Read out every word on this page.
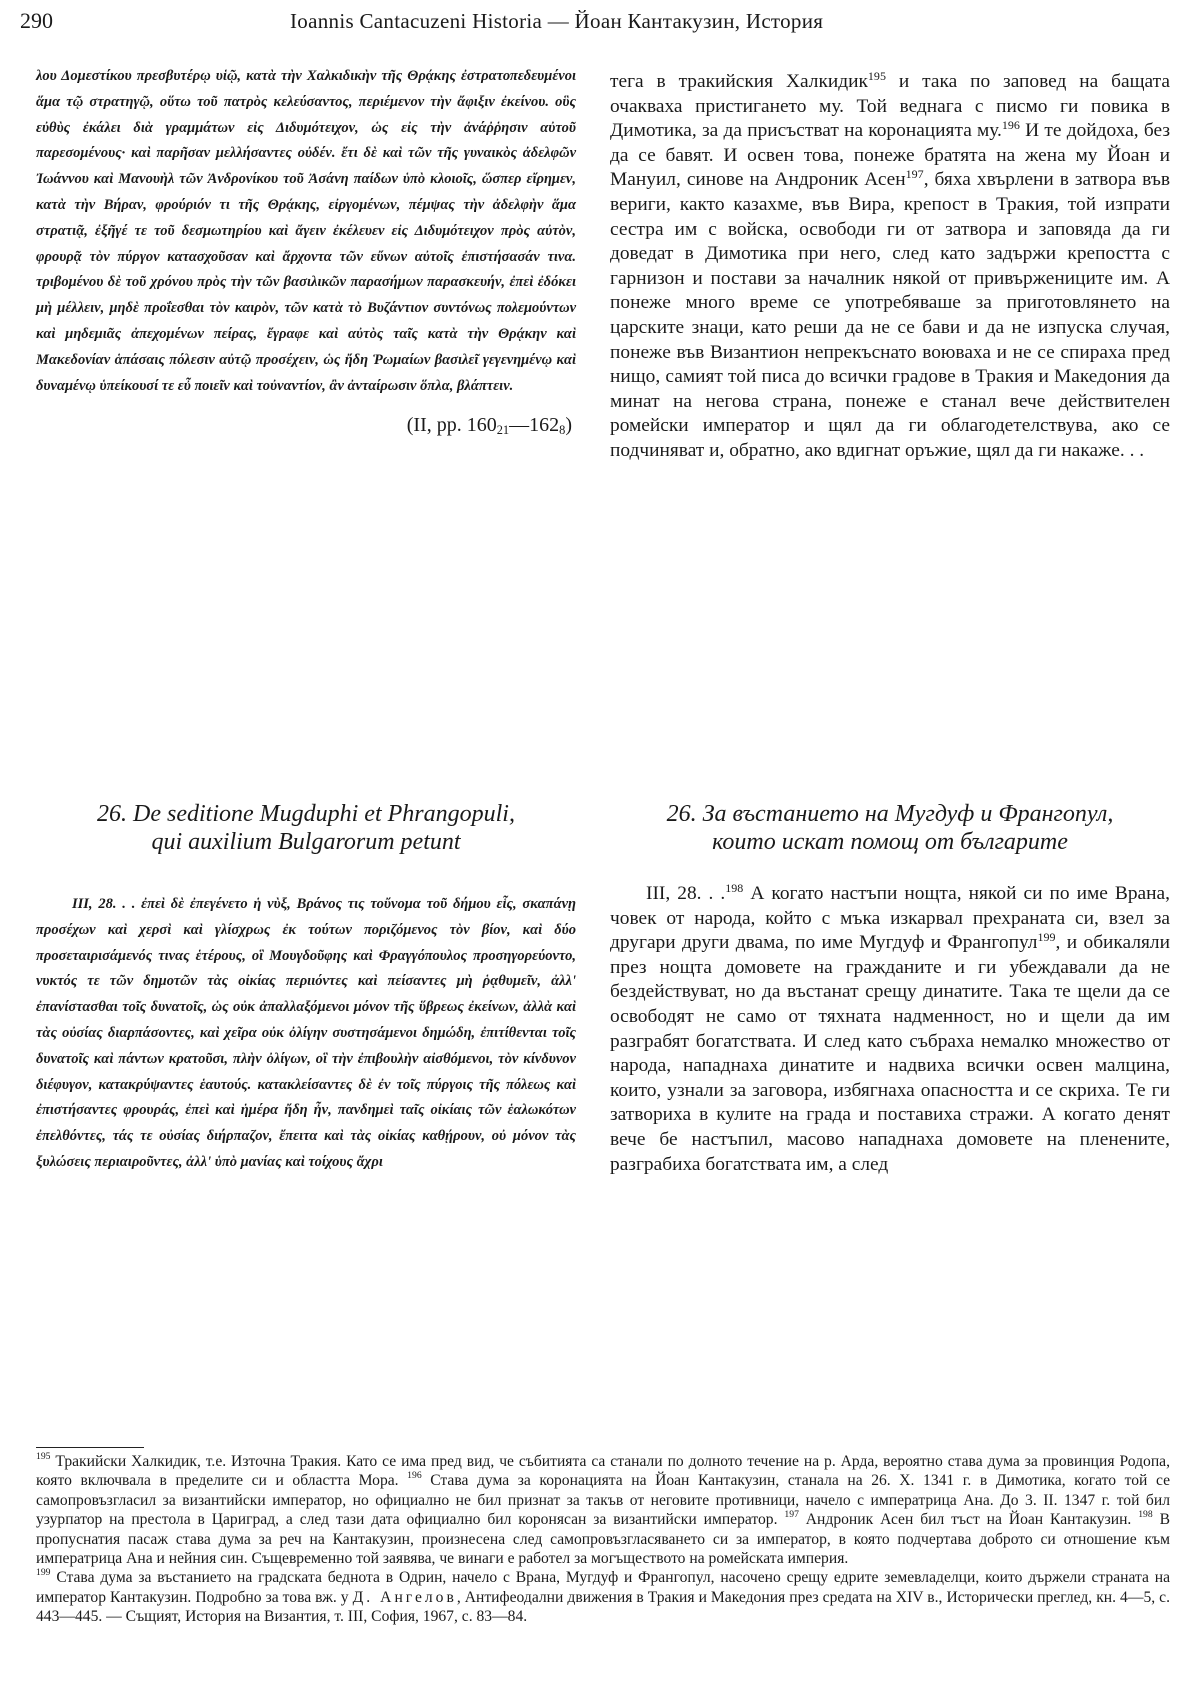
290	Ioannis Cantacuzeni Historia — Йоан Кантакузин, История

λου Δομεστίκου πρεσβυτέρῳ υἱῷ, κατὰ τὴν Χαλκιδικὴν τῆς Θρᾴκης ἐστρατοπεδευμένοι ἅμα τῷ στρατηγῷ, οὕτω τοῦ πατρὸς κελεύσαντος, περιέμενον τὴν ἄφιξιν ἐκείνου. οὓς εὐθὺς ἐκάλει διὰ γραμμάτων εἰς Διδυμότειχον, ὡς εἰς τὴν ἀνάῤῥησιν αὐτοῦ παρεσομένους· καὶ παρῆσαν μελλήσαντες οὐδέν. ἔτι δὲ καὶ τῶν τῆς γυναικὸς ἀδελφῶν Ἰωάννου καὶ Μανουὴλ τῶν Ἀνδρονίκου τοῦ Ἀσάνη παίδων ὑπὸ κλοιοῖς, ὥσπερ εἴρημεν, κατὰ τὴν Βήραν, φρούριόν τι τῆς Θρᾴκης, εἰργομένων, πέμψας τὴν ἀδελφὴν ἅμα στρατιᾷ, ἐξῆγέ τε τοῦ δεσμωτηρίου καὶ ἄγειν ἐκέλευεν εἰς Διδυμότειχον πρὸς αὐτὸν, φρουρᾷ τὸν πύργον κατασχοῦσαν καὶ ἄρχοντα τῶν εὔνων αὐτοῖς ἐπιστήσασάν τινα. τριβομένου δὲ τοῦ χρόνου πρὸς τὴν τῶν βασιλικῶν παρασήμων παρασκευήν, ἐπεὶ ἐδόκει μὴ μέλλειν, μηδὲ προΐεσθαι τὸν καιρὸν, τῶν κατὰ τὸ Βυζάντιον συντόνως πολεμούντων καὶ μηδεμιᾶς ἀπεχομένων πείρας, ἔγραφε καὶ αὐτὸς ταῖς κατὰ τὴν Θρᾴκην καὶ Μακεδονίαν ἁπάσαις πόλεσιν αὐτῷ προσέχειν, ὡς ἤδη Ῥωμαίων βασιλεῖ γεγενημένῳ καὶ δυναμένῳ ὑπείκουσί τε εὖ ποιεῖν καὶ τοὐναντίον, ἂν ἀνταίρωσιν ὅπλα, βλάπτειν.

(II, pp. $160_{21}—162_8$)

тега в тракийския Халкидик$^{195}$ и така по заповед на бащата очакваха пристигането му. Той веднага с писмо ги повика в Димотика, за да присъстват на коронацията му.$^{196}$ И те дойдоха, без да се бавят. И освен това, понеже братята на жена му Йоан и Мануил, синове на Андроник Асен$^{197}$, бяха хвърлени в затвора във вериги, както казахме, във Вира, крепост в Тракия, той изпрати сестра им с войска, освободи ги от затвора и заповяда да ги доведат в Димотика при него, след като задържи крепостта с гарнизон и постави за началник някой от привържениците им. А понеже много време се употребяваше за приготовлянето на царските знаци, като реши да не се бави и да не изпуска случая, понеже във Византион непрекъснато воюваха и не се спираха пред нищо, самият той писа до всички градове в Тракия и Македония да минат на негова страна, понеже е станал вече действителен ромейски император и щял да ги облагодетелствува, ако се подчиняват и, обратно, ако вдигнат оръжие, щял да ги накаже. . .

26. De seditione Mugduphi et Phrangopuli,
qui auxilium Bulgarorum petunt
26. За въстанието на Мугдуф и Франгопул,
които искат помощ от българите

III, 28. . . ἐπεὶ δὲ ἐπεγένετο ἡ νὺξ, Βράνος τις τοὔνομα τοῦ δήμου εἷς, σκαπάνῃ προσέχων καὶ χερσὶ καὶ γλίσχρως ἐκ τούτων ποριζόμενος τὸν βίον, καὶ δύο προσεταιρισάμενός τινας ἑτέρους, οἳ Μουγδοῦφης καὶ Φραγγόπουλος προσηγορεύοντο, νυκτός τε τῶν δημοτῶν τὰς οἰκίας περιιόντες καὶ πείσαντες μὴ ῥᾳθυμεῖν, ἀλλ' ἐπανίστασθαι τοῖς δυνατοῖς, ὡς οὐκ ἀπαλλαξόμενοι μόνον τῆς ὕβρεως ἐκείνων, ἀλλὰ καὶ τὰς οὐσίας διαρπάσοντες, καὶ χεῖρα οὐκ ὀλίγην συστησάμενοι δημώδη, ἐπιτίθενται τοῖς δυνατοῖς καὶ πάντων κρατοῦσι, πλὴν ὀλίγων, οἳ τὴν ἐπιβουλὴν αἰσθόμενοι, τὸν κίνδυνον διέφυγον, κατακρύψαντες ἑαυτούς. κατακλείσαντες δὲ ἐν τοῖς πύργοις τῆς πόλεως καὶ ἐπιστήσαντες φρουράς, ἐπεὶ καὶ ἡμέρα ἤδη ἦν, πανδημεὶ ταῖς οἰκίαις τῶν ἑαλωκότων ἐπελθόντες, τάς τε οὐσίας διήρπαζον, ἔπειτα καὶ τὰς οἰκίας καθῄρουν, οὐ μόνον τὰς ξυλώσεις περιαιροῦντες, ἀλλ' ὑπὸ μανίας καὶ τοίχους ἄχρι

III, 28. . .$^{198}$ А когато настъпи нощта, някой си по име Врана, човек от народа, който с мъка изкарвал прехраната си, взел за другари други двама, по име Мугдуф и Франгопул$^{199}$, и обикаляли през нощта домовете на гражданите и ги убеждавали да не бездействуват, но да въстанат срещу динатите. Така те щели да се освободят не само от тяхната надменност, но и щели да им разграбят богатствата. И след като събраха немалко множество от народа, нападнаха динатите и надвиха всички освен малцина, които, узнали за заговора, избягнаха опасността и се скриха. Те ги затвориха в кулите на града и поставиха стражи. А когато денят вече бе настъпил, масово нападнаха домовете на пленените, разграбиха богатствата им, а след

$^{195}$ Тракийски Халкидик, т.е. Източна Тракия. Като се има пред вид, че събитията са станали по долното течение на р. Арда, вероятно става дума за провинция Родопа, която включвала в пределите си и областта Мора. $^{196}$ Става дума за коронацията на Йоан Кантакузин, станала на 26. X. 1341 г. в Димотика, когато той се самопровъзгласил за византийски император, но официално не бил признат за такъв от неговите противници, начело с императрица Ана. До 3. II. 1347 г. той бил узурпатор на престола в Цариград, а след тази дата официално бил коронясан за византийски император. $^{197}$ Андроник Асен бил тъст на Йоан Кантакузин. $^{198}$ В пропуснатия пасаж става дума за реч на Кантакузин, произнесена след самопровъзгласяването си за император, в която подчертава доброто си отношение към императрица Ана и нейния син. Същевременно той заявява, че винаги е работел за могъществото на ромейската империя.

$^{199}$ Става дума за въстанието на градската беднота в Одрин, начело с Врана, Мугдуф и Франгопул, насочено срещу едрите земевладелци, които държели страната на император Кантакузин. Подробно за това вж. у Д. Ангелов, Антифеодални движения в Тракия и Македония през средата на XIV в., Исторически преглед, кн. 4—5, с. 443—445. — Същият, История на Византия, т. III, София, 1967, с. 83—84.
